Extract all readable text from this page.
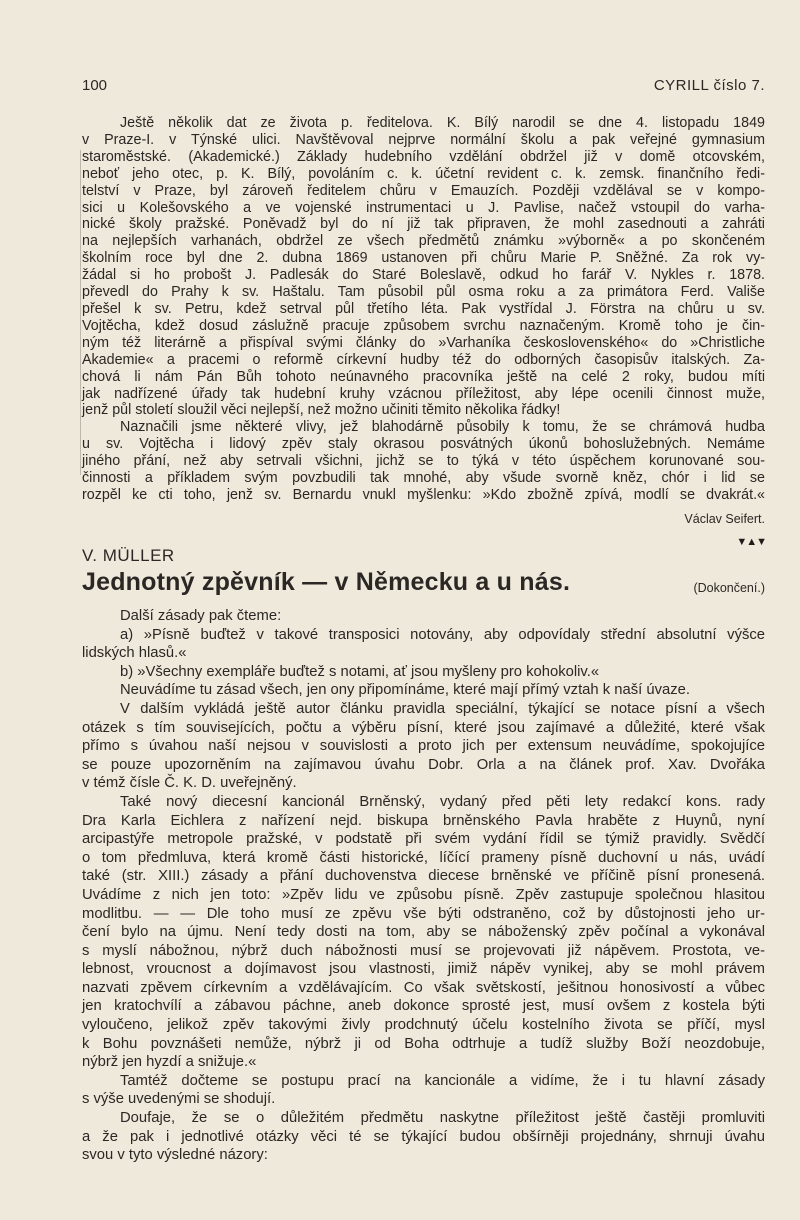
100	CYRILL číslo 7.
Ještě několik dat ze života p. ředitelova. K. Bílý narodil se dne 4. listopadu 1849
v Praze-I. v Týnské ulici. Navštěvoval nejprve normální školu a pak veřejné gymnasium
staroměstské. (Akademické.) Základy hudebního vzdělání obdržel již v domě otcovském,
neboť jeho otec, p. K. Bílý, povoláním c. k. účetní revident c. k. zemsk. finančního ředi-
telství v Praze, byl zároveň ředitelem chůru v Emauzích. Později vzdělával se v kompo-
sici u Kolešovského a ve vojenské instrumentaci u J. Pavlise, načež vstoupil do varha-
nické školy pražské. Poněvadž byl do ní již tak připraven, že mohl zasednouti a zahráti
na nejlepších varhanách, obdržel ze všech předmětů známku »výborně« a po skončeném
školním roce byl dne 2. dubna 1869 ustanoven při chůru Marie P. Sněžné. Za rok vy-
žádal si ho probošt J. Padlesák do Staré Boleslavě, odkud ho farář V. Nykles r. 1878.
převedl do Prahy k sv. Haštalu. Tam působil půl osma roku a za primátora Ferd. Vališe
přešel k sv. Petru, kdež setrval půl třetího léta. Pak vystřídal J. Förstra na chůru u sv.
Vojtěcha, kdež dosud záslužně pracuje způsobem svrchu naznačeným. Kromě toho je čin-
ným též literárně a přispíval svými články do »Varhaníka československého« do »Christliche
Akademie« a pracemi o reformě církevní hudby též do odborných časopisův italských. Za-
chová li nám Pán Bůh tohoto neúnavného pracovníka ještě na celé 2 roky, budou míti
jak nadřízené úřady tak hudební kruhy vzácnou příležitost, aby lépe ocenili činnost muže,
jenž půl století sloužil věci nejlepší, než možno učiniti těmito několika řádky!
Naznačili jsme některé vlivy, jež blahodárně působily k tomu, že se chrámová hudba
u sv. Vojtěcha i lidový zpěv staly okrasou posvátných úkonů bohoslužebných. Nemáme
jiného přání, než aby setrvali všichni, jichž se to týká v této úspěchem korunované sou-
činnosti a příkladem svým povzbudili tak mnohé, aby všude svorně kněz, chór i lid se
rozpěl ke cti toho, jenž sv. Bernardu vnukl myšlenku: »Kdo zbožně zpívá, modlí se dvakrát.«
Václav Seifert.
▼▲▼
V. MÜLLER
Jednotný zpěvník — v Německu a u nás.	(Dokončení.)
Další zásady pak čteme:
a) »Písně buďtež v takové transposici notovány, aby odpovídaly střední absolutní výšce
lidských hlasů.«
b) »Všechny exempláře buďtež s notami, ať jsou myšleny pro kohokoliv.«
Neuvádíme tu zásad všech, jen ony připomínáme, které mají přímý vztah k naší úvaze.
V dalším vykládá ještě autor článku pravidla speciální, týkající se notace písní a všech
otázek s tím souvisejících, počtu a výběru písní, které jsou zajímavé a důležité, které však
přímo s úvahou naší nejsou v souvislosti a proto jich per extensum neuvádíme, spokojujíce
se pouze upozorněním na zajímavou úvahu Dobr. Orla a na článek prof. Xav. Dvořáka
v témž čísle Č. K. D. uveřejněný.
Také nový diecesní kancionál Brněnský, vydaný před pěti lety redakcí kons. rady
Dra Karla Eichlera z nařízení nejd. biskupa brněnského Pavla hraběte z Huynů, nyní
arcipastýře metropole pražské, v podstatě při svém vydání řídil se týmiž pravidly. Svědčí
o tom předmluva, která kromě části historické, líčící prameny písně duchovní u nás, uvádí
také (str. XIII.) zásady a přání duchovenstva diecese brněnské ve příčině písní pronesená.
Uvádíme z nich jen toto: »Zpěv lidu ve způsobu písně. Zpěv zastupuje společnou hlasitou
modlitbu. — — Dle toho musí ze zpěvu vše býti odstraněno, což by důstojnosti jeho ur-
čení bylo na újmu. Není tedy dosti na tom, aby se náboženský zpěv počínal a vykonával
s myslí nábožnou, nýbrž duch nábožnosti musí se projevovati již nápěvem. Prostota, ve-
lebnost, vroucnost a dojímavost jsou vlastnosti, jimiž nápěv vynikej, aby se mohl právem
nazvati zpěvem církevním a vzdělávajícím. Co však světskostí, ješitnou honosivostí a vůbec
jen kratochvílí a zábavou páchne, aneb dokonce sprosté jest, musí ovšem z kostela býti
vyloučeno, jelikož zpěv takovými živly prodchnutý účelu kostelního života se příčí, mysl
k Bohu povznášeti nemůže, nýbrž ji od Boha odtrhuje a tudíž služby Boží neozdobuje,
nýbrž jen hyzdí a snižuje.«
Tamtéž dočteme se postupu prací na kancionále a vidíme, že i tu hlavní zásady
s výše uvedenými se shodují.
Doufaje, že se o důležitém předmětu naskytne příležitost ještě častěji promluviti
a že pak i jednotlivé otázky věci té se týkající budou obšírněji projednány, shrnuji úvahu
svou v tyto výsledné názory:
